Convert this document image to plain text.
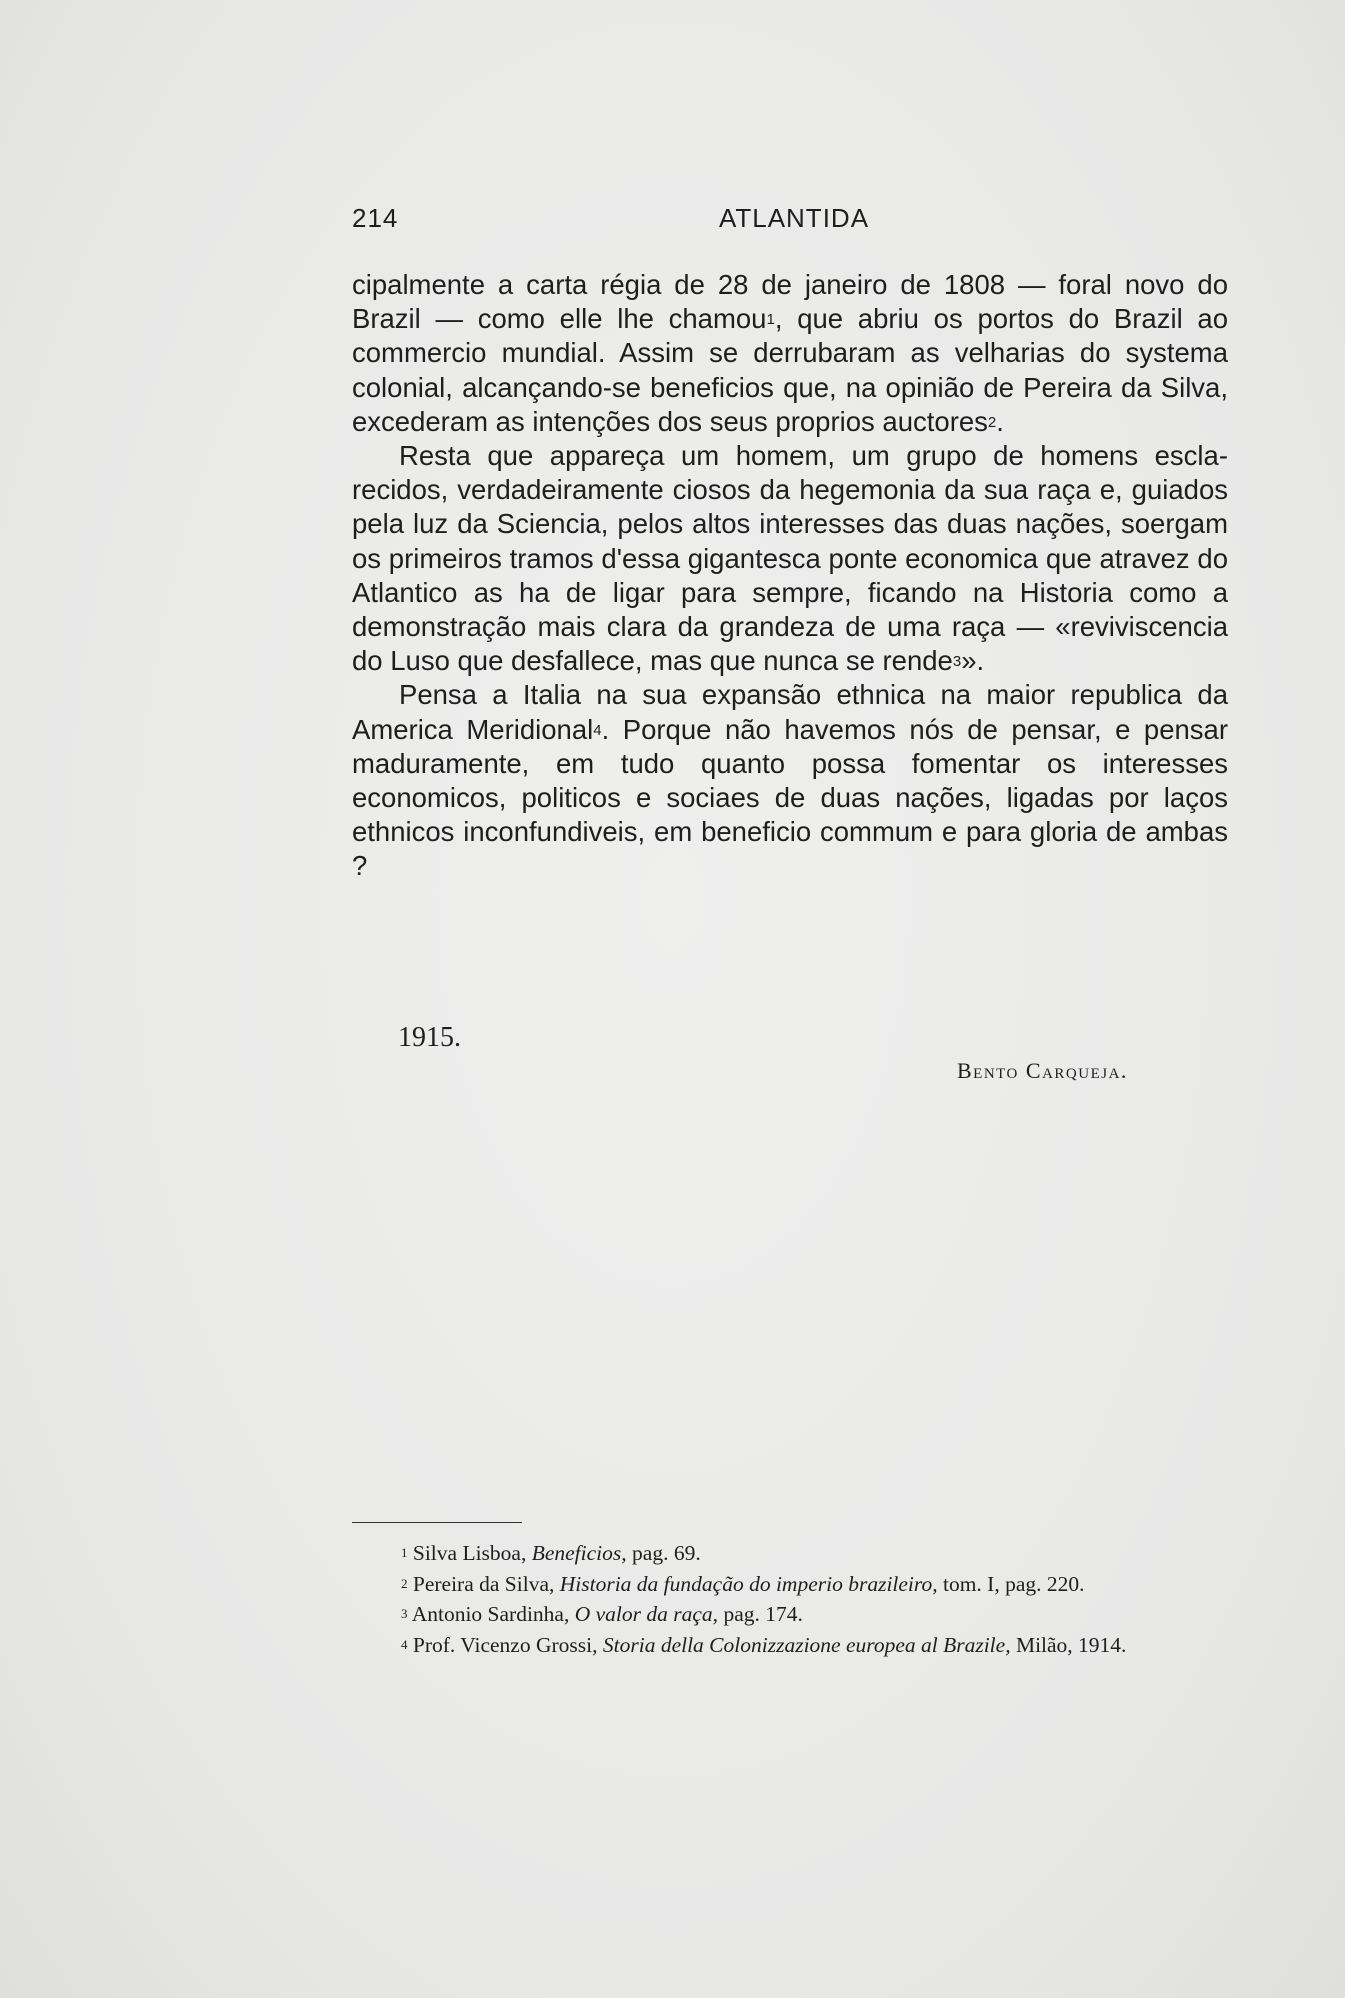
214	ATLANTIDA

cipalmente a carta régia de 28 de janeiro de 1808 — foral novo do Brazil — como elle lhe chamou$^1$, que abriu os portos do Brazil ao commercio mundial. Assim se derrubaram as velharias do systema colonial, alcançando-se beneficios que, na opinião de Pereira da Silva, excederam as intenções dos seus proprios auctores$^2$.

Resta que appareça um homem, um grupo de homens esclarecidos, verdadeiramente ciosos da hegemonia da sua raça e, guiados pela luz da Sciencia, pelos altos interesses das duas nações, soergam os primeiros tramos d'essa gigantesca ponte economica que atravez do Atlantico as ha de ligar para sempre, ficando na Historia como a demonstração mais clara da grandeza de uma raça — «reviviscencia do Luso que desfallece, mas que nunca se rende$^3$».

Pensa a Italia na sua expansão ethnica na maior republica da America Meridional$^4$. Porque não havemos nós de pensar, e pensar maduramente, em tudo quanto possa fomentar os interesses economicos, politicos e sociaes de duas nações, ligadas por laços ethnicos inconfundiveis, em beneficio commum e para gloria de ambas ?

1915.
Bento Carqueja.

$^1$ Silva Lisboa, Beneficios, pag. 69.

$^2$ Pereira da Silva, Historia da fundação do imperio brazileiro, tom. I, pag. 220.

$^3$ Antonio Sardinha, O valor da raça, pag. 174.

$^4$ Prof. Vicenzo Grossi, Storia della Colonizzazione europea al Brazile, Milão, 1914.
